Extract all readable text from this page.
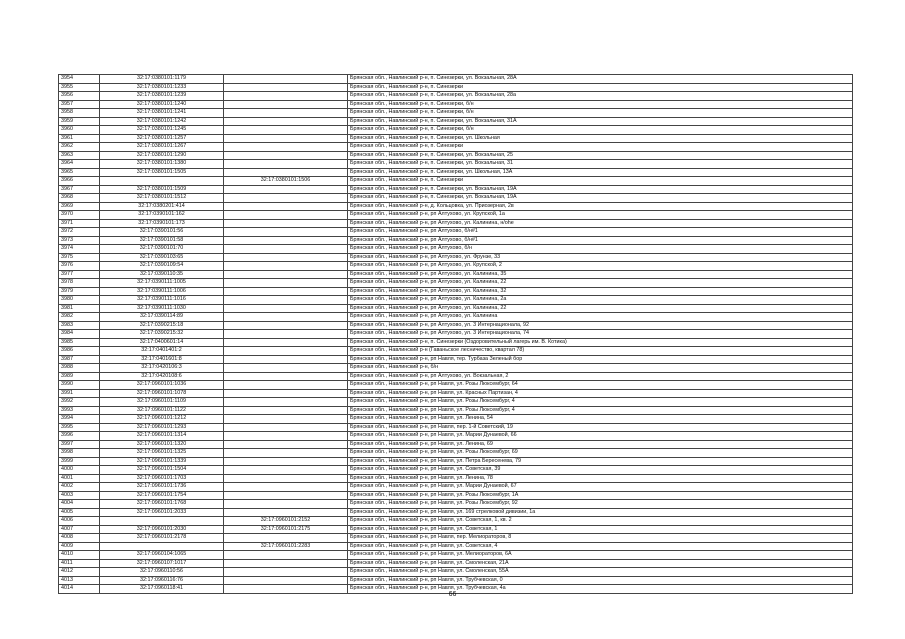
3954	32:17:0380101:1179		Брянская обл., Навлинский р-н, п. Синезерки, ул. Вокзальная, 28А
3955	32:17:0380101:1233		Брянская обл., Навлинский р-н, п. Синезерки
3956	32:17:0380101:1239		Брянская обл., Навлинский р-н, п. Синезерки, ул. Вокзальная, 28а
3957	32:17:0380101:1240		Брянская обл., Навлинский р-н, п. Синезерки, б/н
3958	32:17:0380101:1241		Брянская обл., Навлинский р-н, п. Синезерки, б/н
3959	32:17:0380101:1242		Брянская обл., Навлинский р-н, п. Синезерки, ул. Вокзальная, 31А
3960	32:17:0380101:1245		Брянская обл., Навлинский р-н, п. Синезерки, б/н
3961	32:17:0380101:1257		Брянская обл., Навлинский р-н, п. Синезерки, ул. Школьная
3962	32:17:0380101:1267		Брянская обл., Навлинский р-н, п. Синезерки
3963	32:17:0380101:1290		Брянская обл., Навлинский р-н, п. Синезерки, ул. Вокзальная, 25
3964	32:17:0380101:1380		Брянская обл., Навлинский р-н, п. Синезерки, ул. Вокзальная, 31
3965	32:17:0380101:1505		Брянская обл., Навлинский р-н, п. Синезерки, ул. Школьная, 13А
3966		32:17:0380101:1506	Брянская обл., Навлинский р-н, п. Синезерки
3967	32:17:0380101:1509		Брянская обл., Навлинский р-н, п. Синезерки, ул. Вокзальная, 19А
3968	32:17:0380101:1512		Брянская обл., Навлинский р-н, п. Синезерки, ул. Вокзальная, 19А
3969	32:17:0380201:414		Брянская обл., Навлинский р-н, д. Кольцовка, ул. Приозерная, 2в
3970	32:17:0390101:162		Брянская обл., Навлинский р-н, рп Алтухово, ул. Крупской, 1а
3971	32:17:0390101:173		Брянская обл., Навлинский р-н, рп Алтухово, ул. Калинина, н/оhe
3972	32:17:0390101:56		Брянская обл., Навлинский р-н, рп Алтухово, б/н#1
3973	32:17:0390101:58		Брянская обл., Навлинский р-н, рп Алтухово, б/н#1
3974	32:17:0390101:70		Брянская обл., Навлинский р-н, рп Алтухово, б/н
3975	32:17:0390103:65		Брянская обл., Навлинский р-н, рп Алтухово, ул. Фрунзе, 33
3976	32:17:0390109:54		Брянская обл., Навлинский р-н, рп Алтухово, ул. Крупской, 2
3977	32:17:0390110:35		Брянская обл., Навлинский р-н, рп Алтухово, ул. Калинина, 35
3978	32:17:0390111:1005		Брянская обл., Навлинский р-н, рп Алтухово, ул. Калинина, 22
3979	32:17:0390111:1006		Брянская обл., Навлинский р-н, рп Алтухово, ул. Калинина, 32
3980	32:17:0390111:1016		Брянская обл., Навлинский р-н, рп Алтухово, ул. Калинина, 2а
3981	32:17:0390111:1030		Брянская обл., Навлинский р-н, рп Алтухово, ул. Калинина, 22
3982	32:17:0390114:89		Брянская обл., Навлинский р-н, рп Алтухово, ул. Калинина
3983	32:17:0390215:18		Брянская обл., Навлинский р-н, рп Алтухово, ул. 3 Интернационала, 92
3984	32:17:0390215:32		Брянская обл., Навлинский р-н, рп Алтухово, ул. 3 Интернационала, 74
3985	32:17:0400601:14		Брянская обл., Навлинский р-н, п. Синезерки (Оздоровительный лагерь им. В. Котика)
3986	32:17:0401401:2		Брянская обл., Навлинский р-н (Гаваньское лесничество, квартал 78)
3987	32:17:0401601:8		Брянская обл., Навлинский р-н, рп Навля, тер. Турбаза Зеленый бор
3988	32:17:0420106:3		Брянская обл., Навлинский р-н, б/н
3989	32:17:0420108:6		Брянская обл., Навлинский р-н, рп Алтухово, ул. Вокзальная, 2
3990	32:17:0960101:1036		Брянская обл., Навлинский р-н, рп Навля, ул. Розы Люксембург, 64
3991	32:17:0960101:1078		Брянская обл., Навлинский р-н, рп Навля, ул. Красных Партизан, 4
3992	32:17:0960101:1109		Брянская обл., Навлинский р-н, рп Навля, ул. Розы Люксембург, 4
3993	32:17:0960101:1122		Брянская обл., Навлинский р-н, рп Навля, ул. Розы Люксембург, 4
3994	32:17:0960101:1212		Брянская обл., Навлинский р-н, рп Навля, ул. Ленина, 54
3995	32:17:0960101:1293		Брянская обл., Навлинский р-н, рп Навля, пер. 1-й Советский, 19
3996	32:17:0960101:1314		Брянская обл., Навлинский р-н, рп Навля, ул. Марии Дунаевой, 66
3997	32:17:0960101:1320		Брянская обл., Навлинский р-н, рп Навля, ул. Ленина, 69
3998	32:17:0960101:1325		Брянская обл., Навлинский р-н, рп Навля, ул. Розы Люксембург, 69
3999	32:17:0960101:1339		Брянская обл., Навлинский р-н, рп Навля, ул. Петра Бересенева, 79
4000	32:17:0960101:1504		Брянская обл., Навлинский р-н, рп Навля, ул. Советская, 39
4001	32:17:0960101:1703		Брянская обл., Навлинский р-н, рп Навля, ул. Ленина, 78
4002	32:17:0960101:1736		Брянская обл., Навлинский р-н, рп Навля, ул. Марии Дунаевой, 67
4003	32:17:0960101:1754		Брянская обл., Навлинский р-н, рп Навля, ул. Розы Люксембург, 1А
4004	32:17:0960101:1768		Брянская обл., Навлинский р-н, рп Навля, ул. Розы Люксембург, 92
4005	32:17:0960101:2033		Брянская обл., Навлинский р-н, рп Навля, ул. 169 стрелковой дивизии, 1а
4006		32:17:0960101:2152	Брянская обл., Навлинский р-н, рп Навля, ул. Советская, 1, кв. 2
4007	32:17:0960101:2030	32:17:0960101:2175	Брянская обл., Навлинский р-н, рп Навля, ул. Советская, 1
4008	32:17:0960101:2178		Брянская обл., Навлинский р-н, рп Навля, пер. Мелиораторов, 8
4009		32:17:0960101:2283	Брянская обл., Навлинский р-н, рп Навля, ул. Советская, 4
4010	32:17:0960104:1065		Брянская обл., Навлинский р-н, рп Навля, ул. Мелиораторов, 6А
4011	32:17:0960107:1017		Брянская обл., Навлинский р-н, рп Навля, ул. Смоленская, 21А
4012	32:17:0960110:56		Брянская обл., Навлинский р-н, рп Навля, ул. Смоленская, 55А
4013	32:17:0960116:76		Брянская обл., Навлинский р-н, рп Навля, ул. Трубчевская, 0
4014	32:17:0960118:41		Брянская обл., Навлинский р-н, рп Навля, ул. Трубчевская, 4а
66
